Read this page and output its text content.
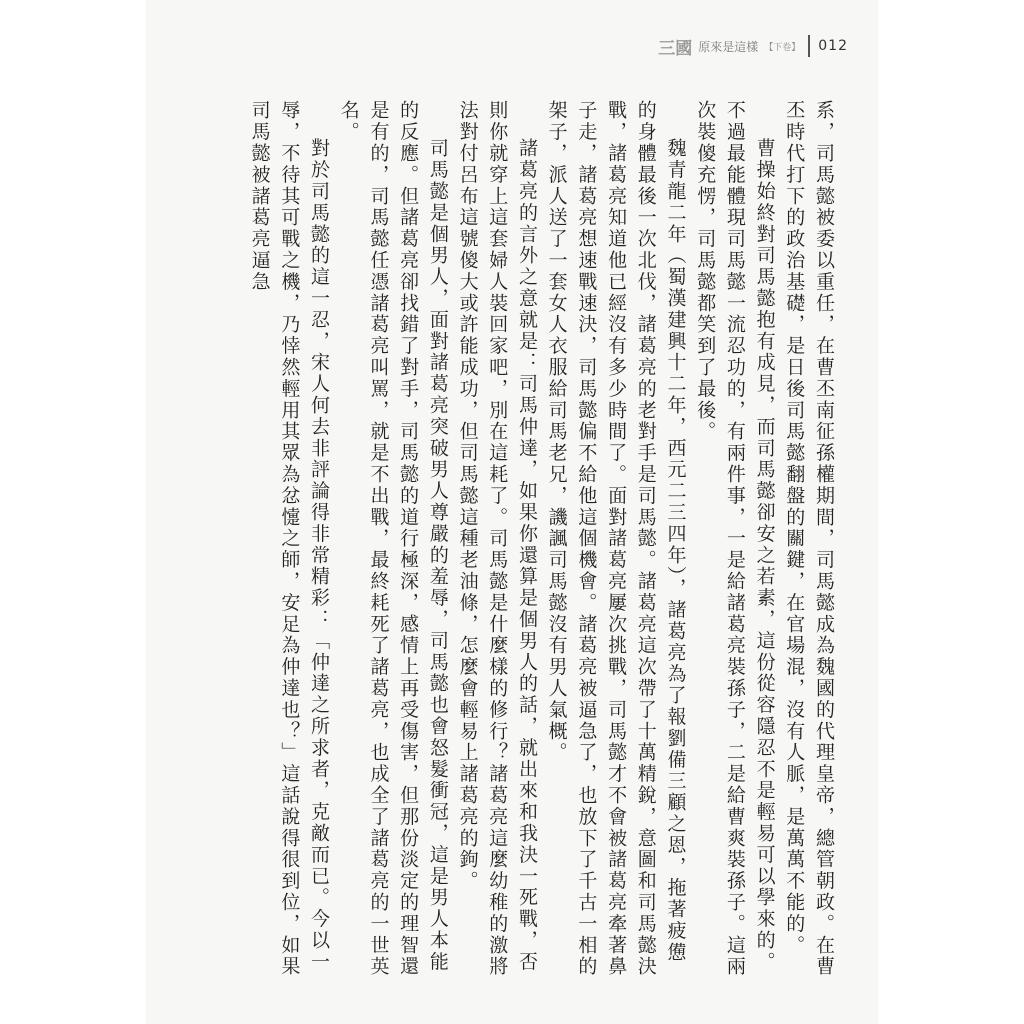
三國 原來是這樣 【下卷】 012

系，司馬懿被委以重任，在曹丕南征孫權期間，司馬懿成為魏國的代理皇帝，總管朝政。在曹丕時代打下的政治基礎，是日後司馬懿翻盤的關鍵，在官場混，沒有人脈，是萬萬不能的。

曹操始終對司馬懿抱有成見，而司馬懿卻安之若素，這份從容隱忍不是輕易可以學來的。不過最能體現司馬懿一流忍功的，有兩件事，一是給諸葛亮裝孫子，二是給曹爽裝孫子。這兩次裝傻充愣，司馬懿都笑到了最後。

魏青龍二年（蜀漢建興十二年，西元二三四年），諸葛亮為了報劉備三顧之恩，拖著疲憊的身體最後一次北伐，諸葛亮的老對手是司馬懿。諸葛亮這次帶了十萬精銳，意圖和司馬懿決戰，諸葛亮知道他已經沒有多少時間了。面對諸葛亮屢次挑戰，司馬懿才不會被諸葛亮牽著鼻子走，諸葛亮想速戰速決，司馬懿偏不給他這個機會。諸葛亮被逼急了，也放下了千古一相的架子，派人送了一套女人衣服給司馬老兄，譏諷司馬懿沒有男人氣概。

諸葛亮的言外之意就是：司馬仲達，如果你還算是個男人的話，就出來和我決一死戰，否則你就穿上這套婦人裝回家吧，別在這耗了。司馬懿是什麼樣的修行？諸葛亮這麼幼稚的激將法對付呂布這號傻大或許能成功，但司馬懿這種老油條，怎麼會輕易上諸葛亮的鉤。

司馬懿是個男人，面對諸葛亮突破男人尊嚴的羞辱，司馬懿也會怒髮衝冠，這是男人本能的反應。但諸葛亮卻找錯了對手，司馬懿的道行極深，感情上再受傷害，但那份淡定的理智還是有的，司馬懿任憑諸葛亮叫罵，就是不出戰，最終耗死了諸葛亮，也成全了諸葛亮的一世英名。

對於司馬懿的這一忍，宋人何去非評論得非常精彩：「仲達之所求者，克敵而已。今以一辱，不待其可戰之機，乃悻然輕用其眾為忿懥之師，安足為仲達也？」這話說得很到位，如果司馬懿被諸葛亮逼急
